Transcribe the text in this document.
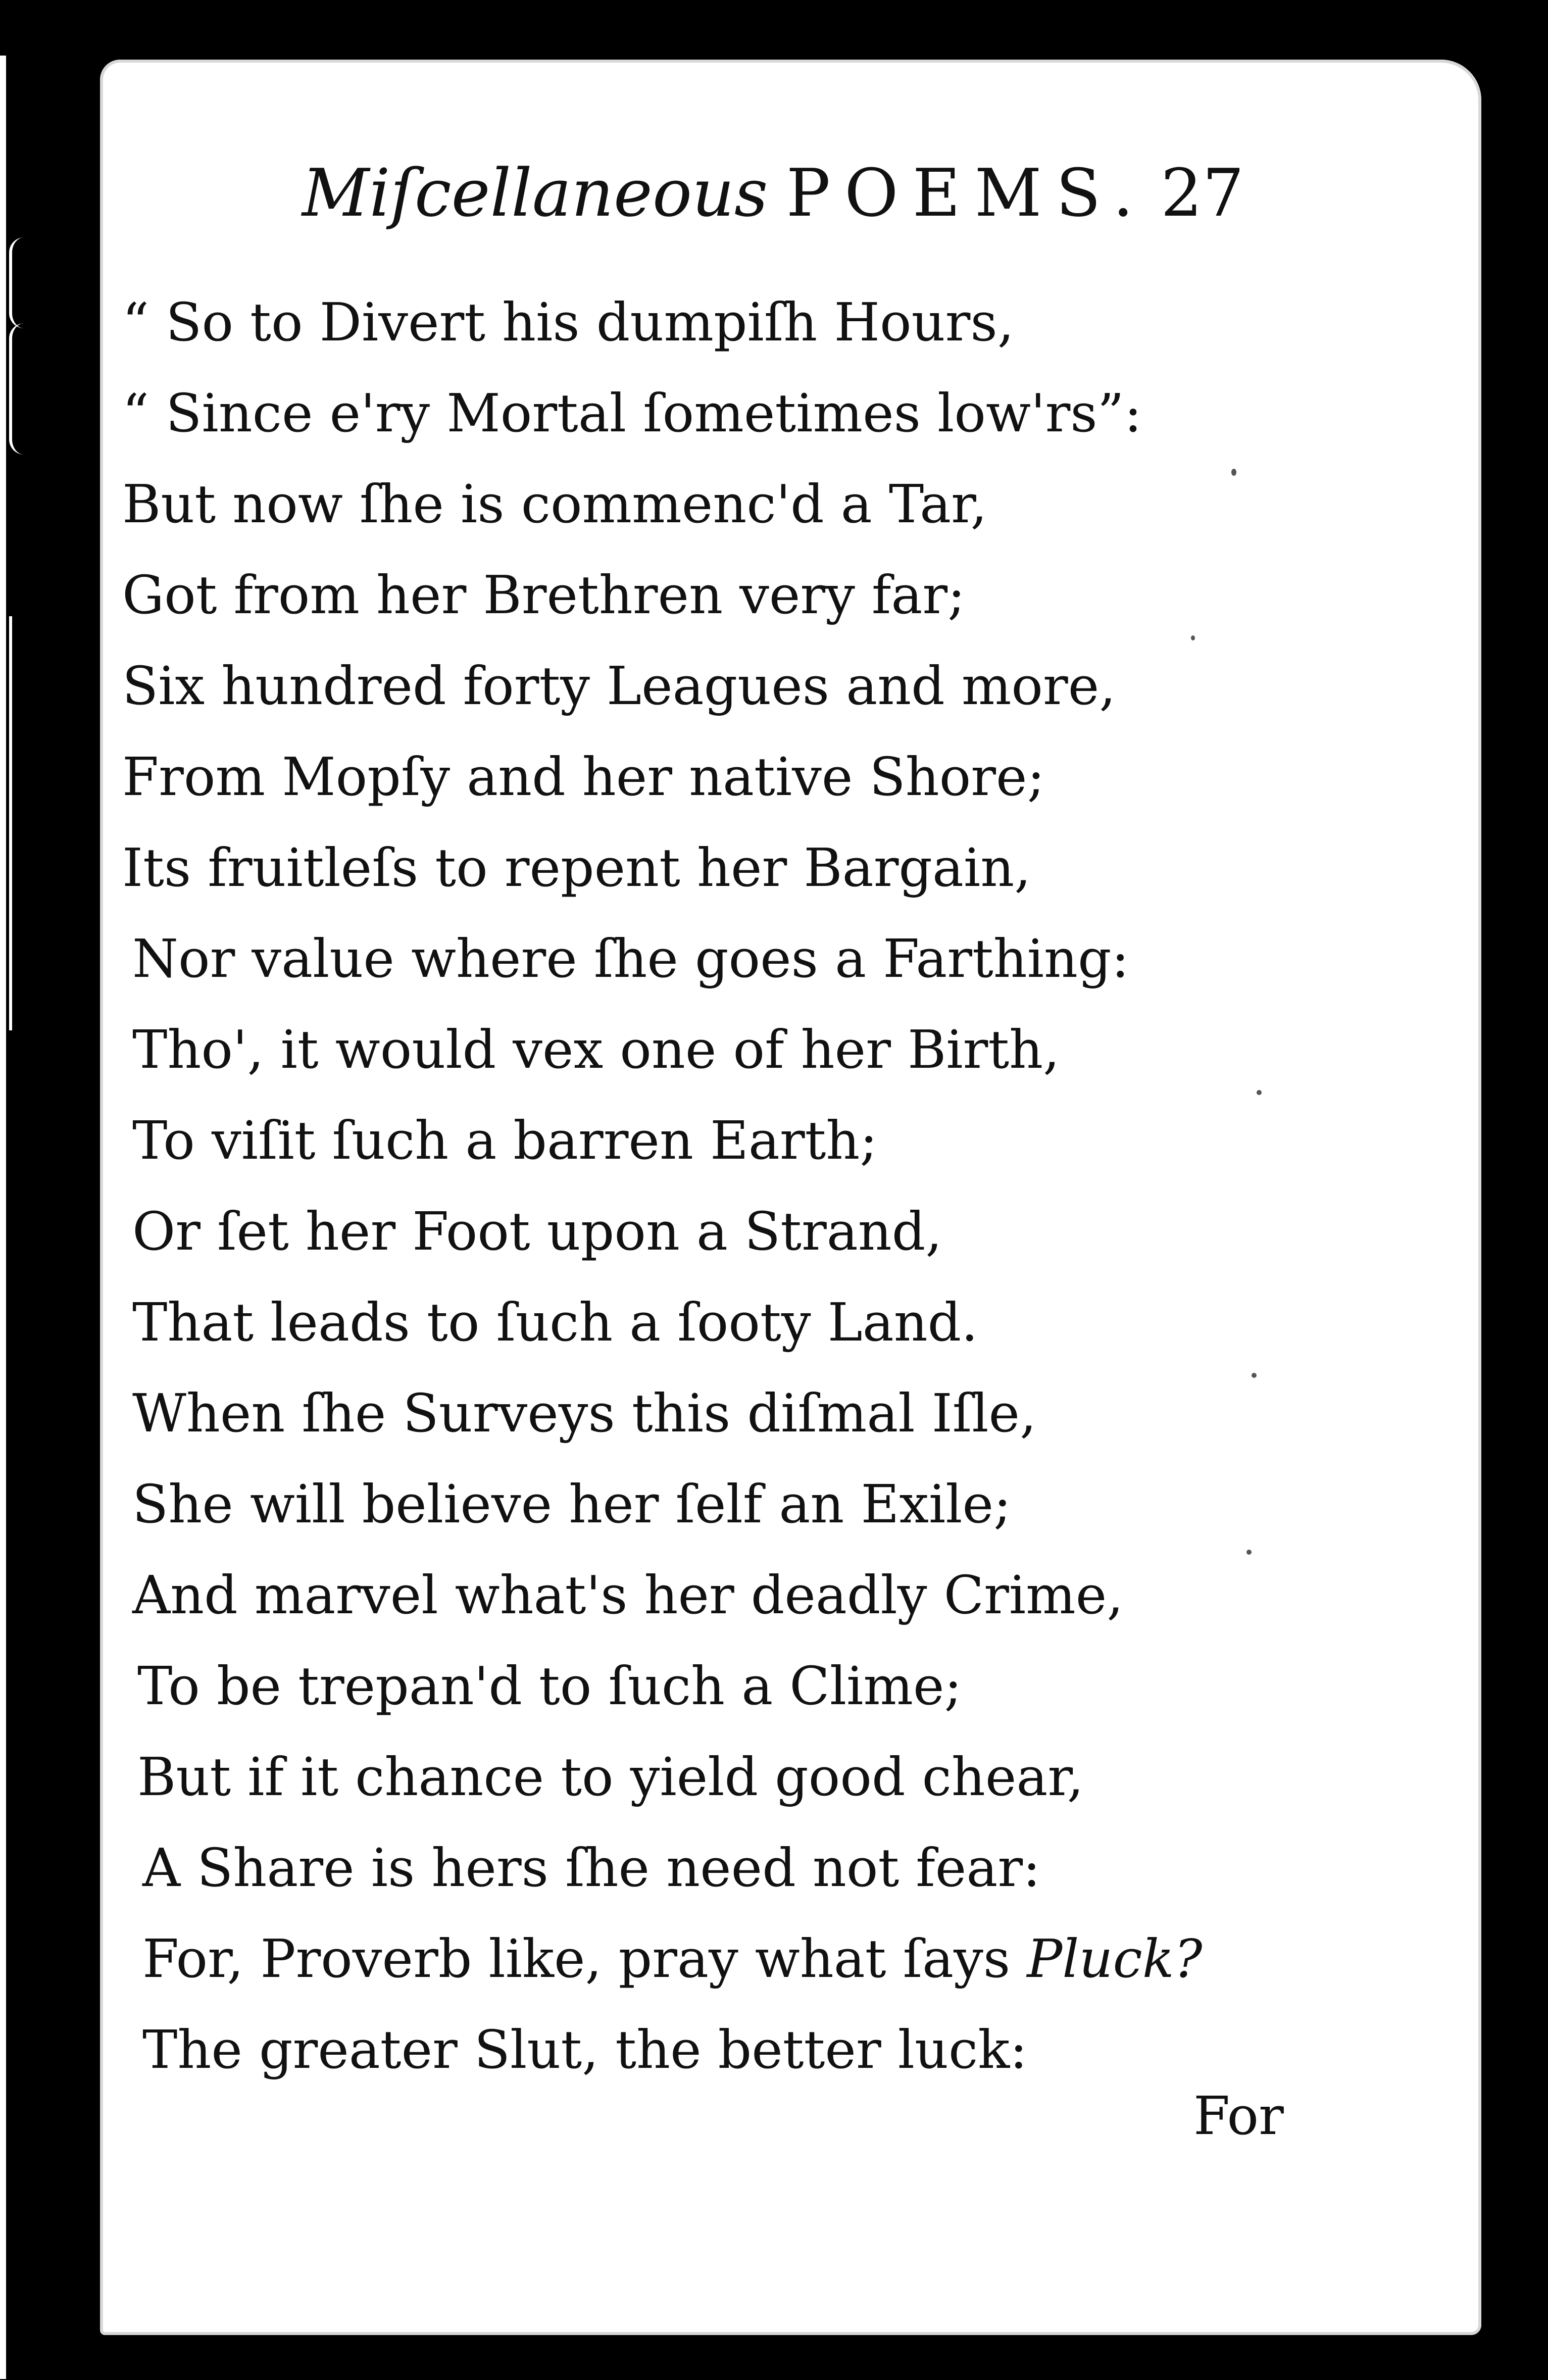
Miſcellaneous POEMS. 27
“ So to Divert his dumpiſh Hours,
“ Since e'ry Mortal ſometimes low'rs”:
But now ſhe is commenc'd a Tar,
Got from her Brethren very far;
Six hundred forty Leagues and more,
From Mopſy and her native Shore;
Its fruitleſs to repent her Bargain,
Nor value where ſhe goes a Farthing:
Tho', it would vex one of her Birth,
To viſit ſuch a barren Earth;
Or ſet her Foot upon a Strand,
That leads to ſuch a ſooty Land.
When ſhe Surveys this diſmal Iſle,
She will believe her ſelf an Exile;
And marvel what's her deadly Crime,
To be trepan'd to ſuch a Clime;
But if it chance to yield good chear,
A Share is hers ſhe need not fear:
For, Proverb like, pray what ſays Pluck?
The greater Slut, the better luck:
For
